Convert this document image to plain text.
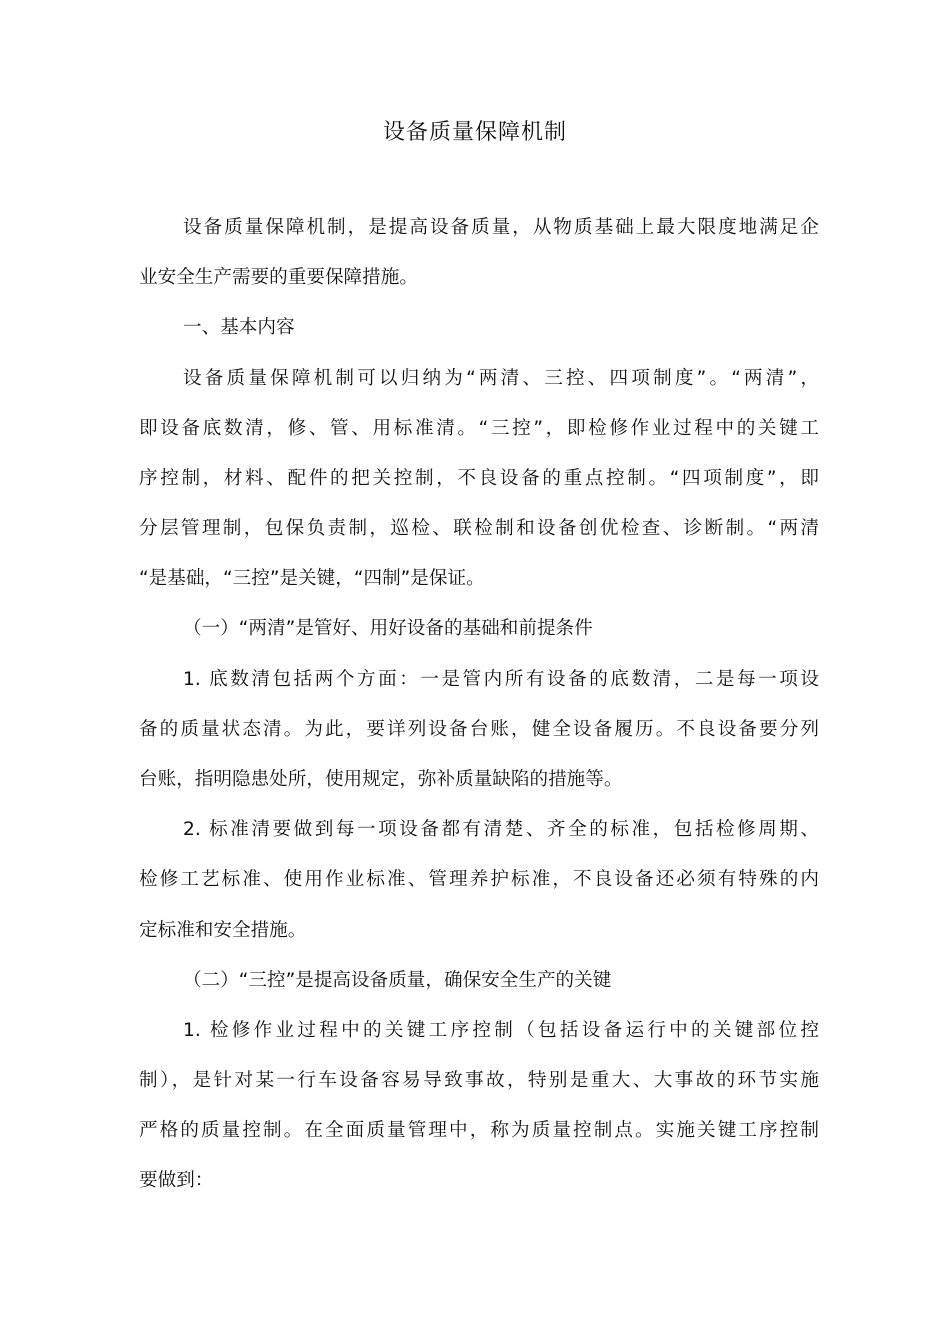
设备质量保障机制
设备质量保障机制，是提高设备质量，从物质基础上最大限度地满足企
业安全生产需要的重要保障措施。
一、基本内容
设备质量保障机制可以归纳为“两清、三控、四项制度”。“两清”，
即设备底数清，修、管、用标准清。“三控”，即检修作业过程中的关键工
序控制，材料、配件的把关控制，不良设备的重点控制。“四项制度”，即
分层管理制，包保负责制，巡检、联检制和设备创优检查、诊断制。“两清
“是基础，“三控”是关键，“四制”是保证。
（一）“两清”是管好、用好设备的基础和前提条件
1. 底数清包括两个方面：一是管内所有设备的底数清，二是每一项设
备的质量状态清。为此，要详列设备台账，健全设备履历。不良设备要分列
台账，指明隐患处所，使用规定，弥补质量缺陷的措施等。
2. 标准清要做到每一项设备都有清楚、齐全的标准，包括检修周期、
检修工艺标准、使用作业标准、管理养护标准，不良设备还必须有特殊的内
定标准和安全措施。
（二）“三控”是提高设备质量，确保安全生产的关键
1. 检修作业过程中的关键工序控制（包括设备运行中的关键部位控
制），是针对某一行车设备容易导致事故，特别是重大、大事故的环节实施
严格的质量控制。在全面质量管理中，称为质量控制点。实施关键工序控制
要做到：
